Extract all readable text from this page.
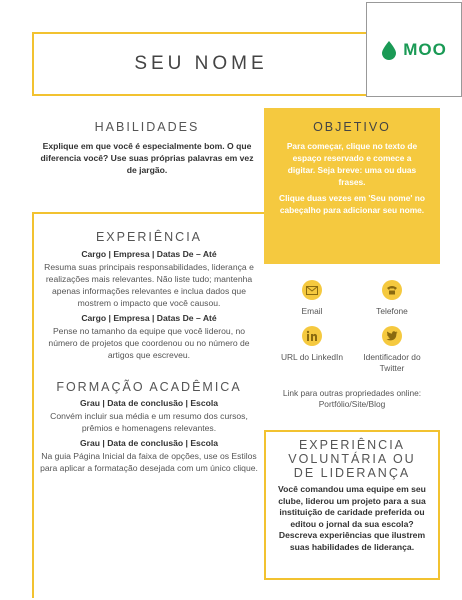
SEU NOME
MOO
HABILIDADES
Explique em que você é especialmente bom. O que diferencia você? Use suas próprias palavras em vez de jargão.
OBJETIVO
Para começar, clique no texto de espaço reservado e comece a digitar. Seja breve: uma ou duas frases.
Clique duas vezes em 'Seu nome' no cabeçalho para adicionar seu nome.
EXPERIÊNCIA
Cargo | Empresa | Datas De – Até
Resuma suas principais responsabilidades, liderança e realizações mais relevantes. Não liste tudo; mantenha apenas informações relevantes e inclua dados que mostrem o impacto que você causou.
Cargo | Empresa | Datas De – Até
Pense no tamanho da equipe que você liderou, no número de projetos que coordenou ou no número de artigos que escreveu.
FORMAÇÃO ACADÊMICA
Grau | Data de conclusão | Escola
Convém incluir sua média e um resumo dos cursos, prêmios e homenagens relevantes.
Grau | Data de conclusão | Escola
Na guia Página Inicial da faixa de opções, use os Estilos para aplicar a formatação desejada com um único clique.
Email	Telefone
URL do LinkedIn	Identificador do Twitter
Link para outras propriedades online: Portfólio/Site/Blog
EXPERIÊNCIA VOLUNTÁRIA OU DE LIDERANÇA
Você comandou uma equipe em seu clube, liderou um projeto para a sua instituição de caridade preferida ou editou o jornal da sua escola? Descreva experiências que ilustrem suas habilidades de liderança.
